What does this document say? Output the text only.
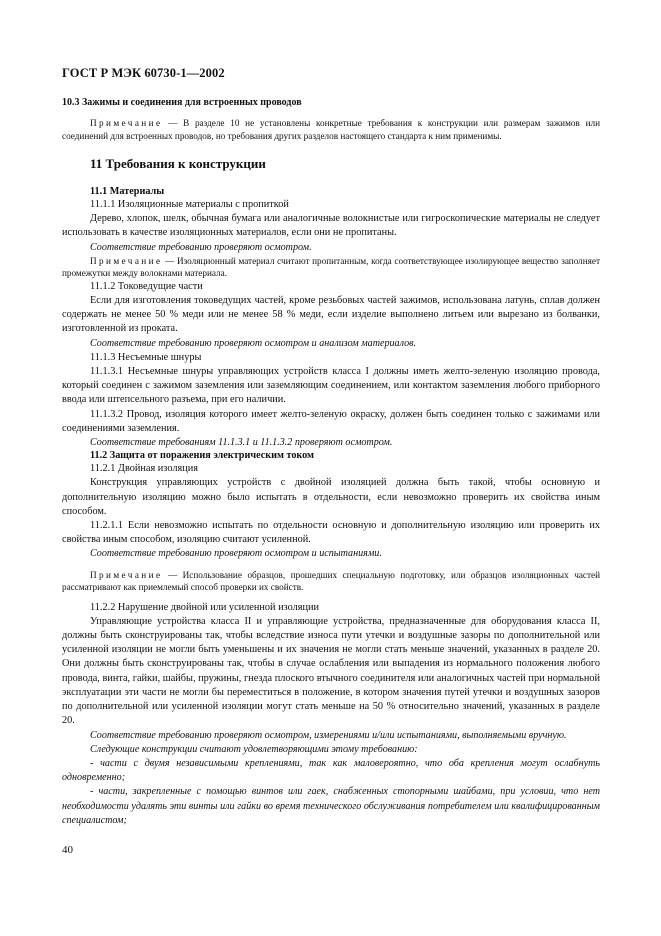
ГОСТ Р МЭК 60730-1—2002

10.3 Зажимы и соединения для встроенных проводов

Примечание — В разделе 10 не установлены конкретные требования к конструкции или размерам зажимов или соединений для встроенных проводов, но требования других разделов настоящего стандарта к ним применимы.

11 Требования к конструкции

11.1 Материалы

11.1.1 Изоляционные материалы с пропиткой

Дерево, хлопок, шелк, обычная бумага или аналогичные волокнистые или гигроскопические материалы не следует использовать в качестве изоляционных материалов, если они не пропитаны.

Соответствие требованию проверяют осмотром.

Примечание — Изоляционный материал считают пропитанным, когда соответствующее изолирующее вещество заполняет промежутки между волокнами материала.

11.1.2 Токоведущие части

Если для изготовления токоведущих частей, кроме резьбовых частей зажимов, использована латунь, сплав должен содержать не менее 50 % меди или не менее 58 % меди, если изделие выполнено литьем или вырезано из болванки, изготовленной из проката.

Соответствие требованию проверяют осмотром и анализом материалов.

11.1.3 Несъемные шнуры

11.1.3.1 Несъемные шнуры управляющих устройств класса I должны иметь желто-зеленую изоляцию провода, который соединен с зажимом заземления или заземляющим соединением, или контактом заземления любого приборного ввода или штепсельного разъема, при его наличии.

11.1.3.2 Провод, изоляция которого имеет желто-зеленую окраску, должен быть соединен только с зажимами или соединениями заземления.

Соответствие требованиям 11.1.3.1 и 11.1.3.2 проверяют осмотром.

11.2 Защита от поражения электрическим током

11.2.1 Двойная изоляция

Конструкция управляющих устройств с двойной изоляцией должна быть такой, чтобы основную и дополнительную изоляцию можно было испытать в отдельности, если невозможно проверить их свойства иным способом.

11.2.1.1 Если невозможно испытать по отдельности основную и дополнительную изоляцию или проверить их свойства иным способом, изоляцию считают усиленной.

Соответствие требованию проверяют осмотром и испытаниями.

Примечание — Использование образцов, прошедших специальную подготовку, или образцов изоляционных частей рассматривают как приемлемый способ проверки их свойств.

11.2.2 Нарушение двойной или усиленной изоляции

Управляющие устройства класса II и управляющие устройства, предназначенные для оборудования класса II, должны быть сконструированы так, чтобы вследствие износа пути утечки и воздушные зазоры по дополнительной или усиленной изоляции не могли быть уменьшены и их значения не могли стать меньше значений, указанных в разделе 20. Они должны быть сконструированы так, чтобы в случае ослабления или выпадения из нормального положения любого провода, винта, гайки, шайбы, пружины, гнезда плоского втычного соединителя или аналогичных частей при нормальной эксплуатации эти части не могли бы переместиться в положение, в котором значения путей утечки и воздушных зазоров по дополнительной или усиленной изоляции могут стать меньше на 50 % относительно значений, указанных в разделе 20.

Соответствие требованию проверяют осмотром, измерениями и/или испытаниями, выполняемыми вручную.

Следующие конструкции считают удовлетворяющими этому требованию:

- части с двумя независимыми креплениями, так как маловероятно, что оба крепления могут ослабнуть одновременно;

- части, закрепленные с помощью винтов или гаек, снабженных стопорными шайбами, при условии, что нет необходимости удалять эти винты или гайки во время технического обслуживания потребителем или квалифицированным специалистом;

40
